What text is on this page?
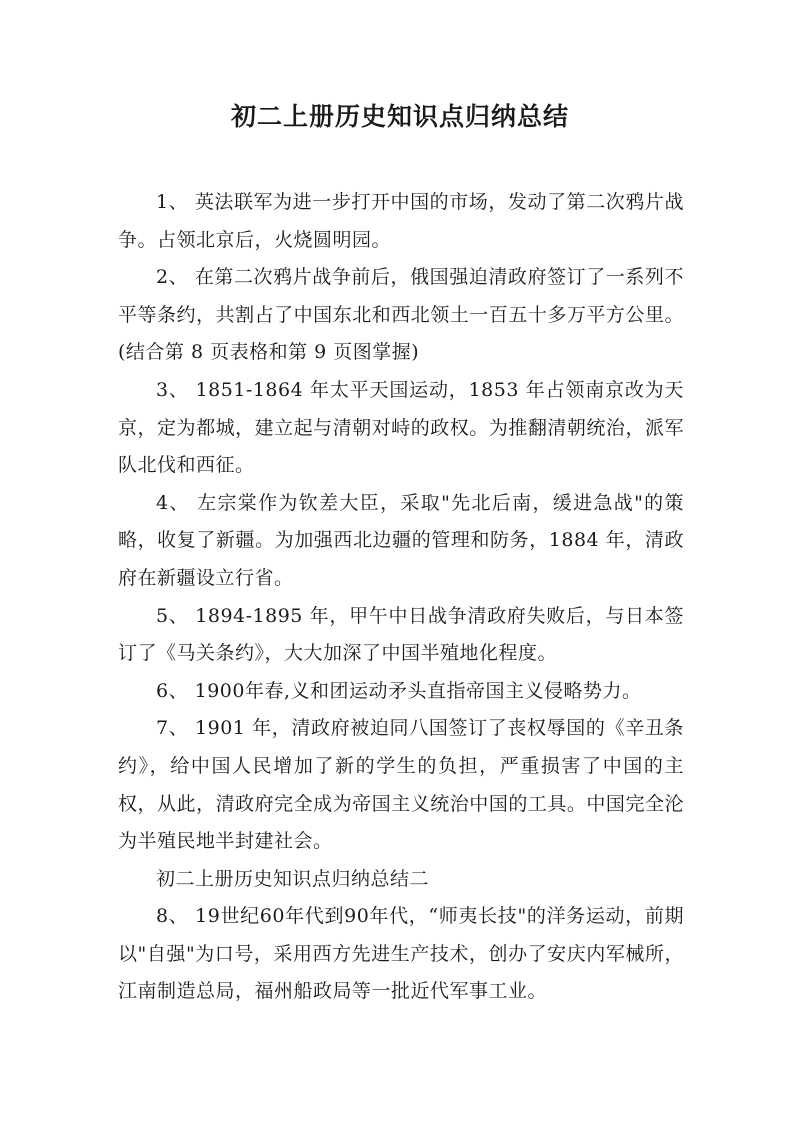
初二上册历史知识点归纳总结

1、 英法联军为进一步打开中国的市场，发动了第二次鸦片战争。占领北京后，火烧圆明园。

2、 在第二次鸦片战争前后，俄国强迫清政府签订了一系列不平等条约，共割占了中国东北和西北领土一百五十多万平方公里。(结合第 8 页表格和第 9 页图掌握)

3、 1851-1864 年太平天国运动，1853 年占领南京改为天京，定为都城，建立起与清朝对峙的政权。为推翻清朝统治，派军队北伐和西征。

4、 左宗棠作为钦差大臣，采取"先北后南，缓进急战"的策略，收复了新疆。为加强西北边疆的管理和防务，1884 年，清政府在新疆设立行省。

5、 1894-1895 年，甲午中日战争清政府失败后，与日本签订了《马关条约》，大大加深了中国半殖地化程度。

6、 1900年春,义和团运动矛头直指帝国主义侵略势力。

7、 1901 年，清政府被迫同八国签订了丧权辱国的《辛丑条约》，给中国人民增加了新的学生的负担，严重损害了中国的主权，从此，清政府完全成为帝国主义统治中国的工具。中国完全沦为半殖民地半封建社会。

初二上册历史知识点归纳总结二

8、 19世纪60年代到90年代，“师夷长技"的洋务运动，前期以"自强"为口号，采用西方先进生产技术，创办了安庆内军械所，江南制造总局，福州船政局等一批近代军事工业。
